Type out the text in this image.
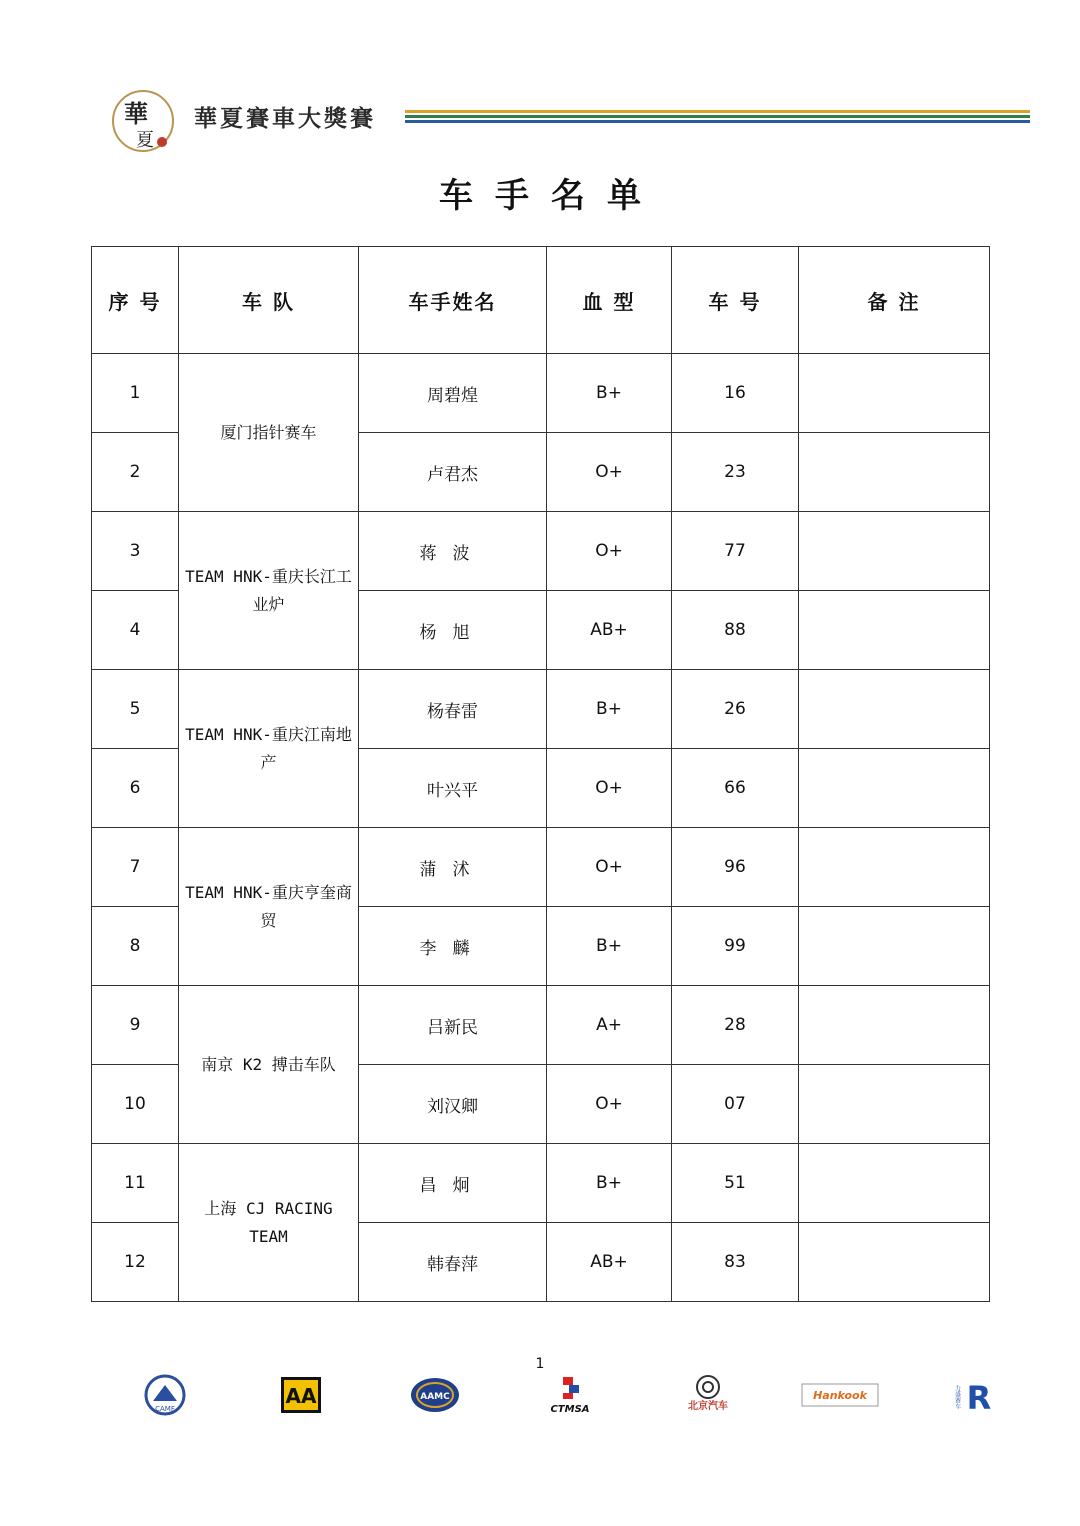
華
夏
華夏賽車大獎賽
车手名单
序 号	车 队	车手姓名	血 型	车 号	备 注
1	厦门指针赛车	周碧煌	B+	16	
2		卢君杰	O+	23	
3	TEAM HNK-重庆长江工业炉	蒋波	O+	77	
4		杨旭	AB+	88	
5	TEAM HNK-重庆江南地产	杨春雷	B+	26	
6		叶兴平	O+	66	
7	TEAM HNK-重庆亨奎商贸	蒲沭	O+	96	
8		李麟	B+	99	
9	南京 K2 搏击车队	吕新民	A+	28	
10		刘汉卿	O+	07	
11	上海 CJ RACING TEAM	昌炯	B+	51	
12		韩春萍	AB+	83	
1
CAMF
AA	AAMC
CTMSA	北京汽车
Hankook	R
力盛赛车
